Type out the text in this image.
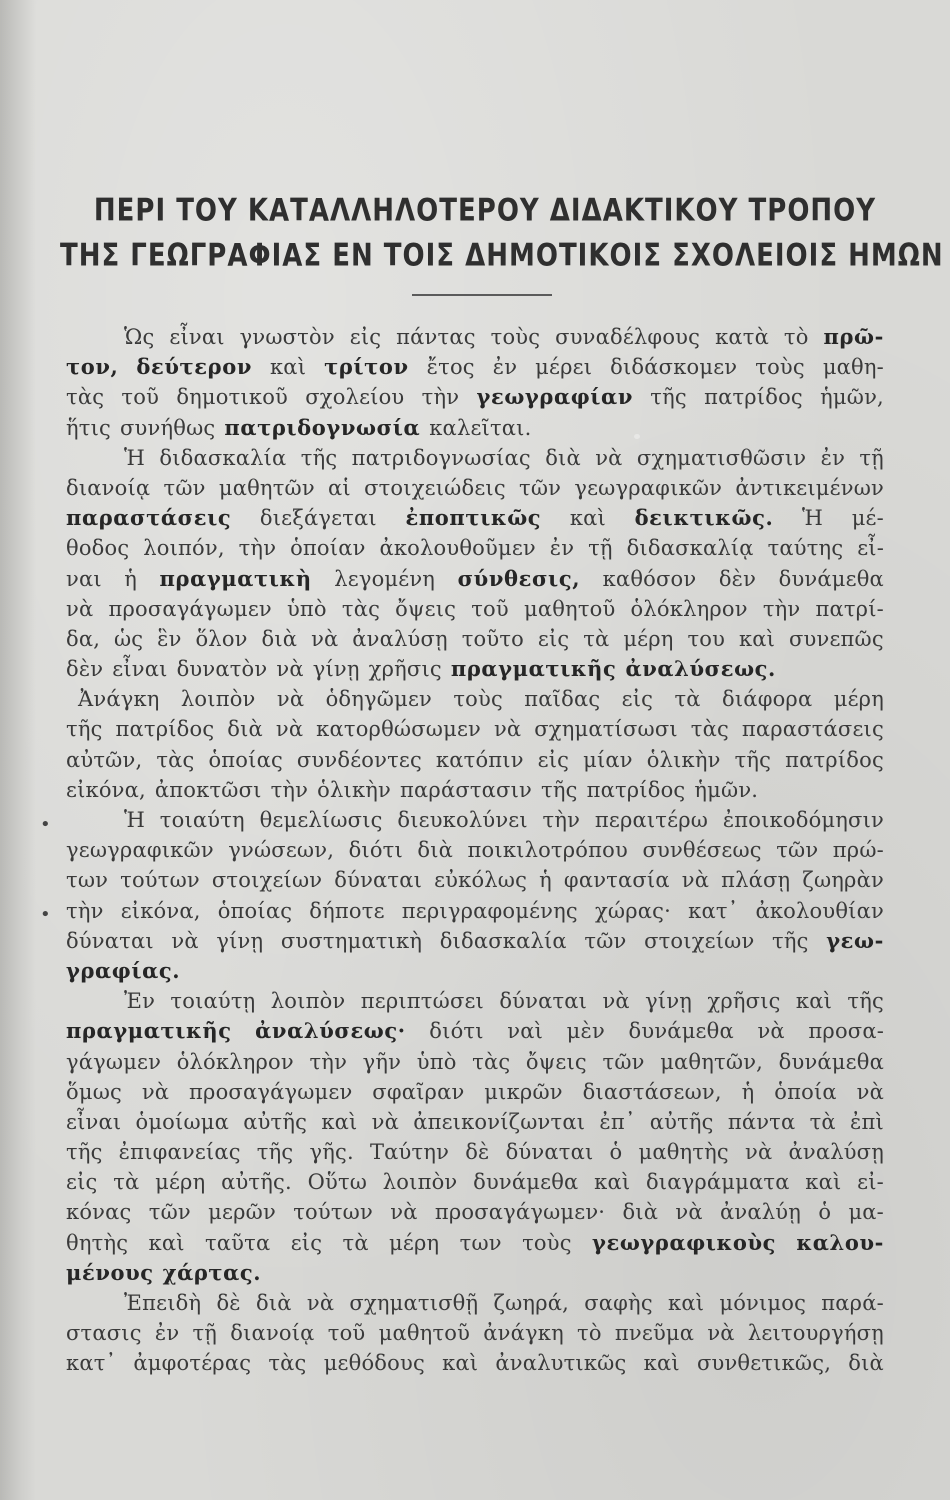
ΠΕΡΙ ΤΟΥ ΚΑΤΑΛΛΗΛΟΤΕΡΟΥ ΔΙΔΑΚΤΙΚΟΥ ΤΡΟΠΟΥ
ΤΗΣ ΓΕΩΓΡΑΦΙΑΣ ΕΝ ΤΟΙΣ ΔΗΜΟΤΙΚΟΙΣ ΣΧΟΛΕΙΟΙΣ ΗΜΩΝ
•
•
Ὡς εἶναι γνωστὸν εἰς πάντας τοὺς συναδέλφους κατὰ τὸ πρῶ-
τον, δεύτερον καὶ τρίτον ἔτος ἐν μέρει διδάσκομεν τοὺς μαθη-
τὰς τοῦ δημοτικοῦ σχολείου τὴν γεωγραφίαν τῆς πατρίδος ἡμῶν,
ἥτις συνήθως πατριδογνωσία καλεῖται.
Ἡ διδασκαλία τῆς πατριδογνωσίας διὰ νὰ σχηματισθῶσιν ἐν τῇ
διανοίᾳ τῶν μαθητῶν αἱ στοιχειώδεις τῶν γεωγραφικῶν ἀντικειμένων
παραστάσεις διεξάγεται ἐποπτικῶς καὶ δεικτικῶς. Ἡ μέ-
θοδος λοιπόν, τὴν ὁποίαν ἀκολουθοῦμεν ἐν τῇ διδασκαλίᾳ ταύτης εἶ-
ναι ἡ πραγματικὴ λεγομένη σύνθεσις, καθόσον δὲν δυνάμεθα
νὰ προσαγάγωμεν ὑπὸ τὰς ὄψεις τοῦ μαθητοῦ ὁλόκληρον τὴν πατρί-
δα, ὡς ἓν ὅλον διὰ νὰ ἀναλύσῃ τοῦτο εἰς τὰ μέρη του καὶ συνεπῶς
δὲν εἶναι δυνατὸν νὰ γίνῃ χρῆσις πραγματικῆς ἀναλύσεως.
Ἀνάγκη λοιπὸν νὰ ὁδηγῶμεν τοὺς παῖδας εἰς τὰ διάφορα μέρη
τῆς πατρίδος διὰ νὰ κατορθώσωμεν νὰ σχηματίσωσι τὰς παραστάσεις
αὐτῶν, τὰς ὁποίας συνδέοντες κατόπιν εἰς μίαν ὁλικὴν τῆς πατρίδος
εἰκόνα, ἀποκτῶσι τὴν ὁλικὴν παράστασιν τῆς πατρίδος ἡμῶν.
Ἡ τοιαύτη θεμελίωσις διευκολύνει τὴν περαιτέρω ἐποικοδόμησιν
γεωγραφικῶν γνώσεων, διότι διὰ ποικιλοτρόπου συνθέσεως τῶν πρώ-
των τούτων στοιχείων δύναται εὐκόλως ἡ φαντασία νὰ πλάσῃ ζωηρὰν
τὴν εἰκόνα, ὁποίας δήποτε περιγραφομένης χώρας· κατ᾽ ἀκολουθίαν
δύναται νὰ γίνῃ συστηματικὴ διδασκαλία τῶν στοιχείων τῆς γεω-
γραφίας.
Ἐν τοιαύτῃ λοιπὸν περιπτώσει δύναται νὰ γίνῃ χρῆσις καὶ τῆς
πραγματικῆς ἀναλύσεως· διότι ναὶ μὲν δυνάμεθα νὰ προσα-
γάγωμεν ὁλόκληρον τὴν γῆν ὑπὸ τὰς ὄψεις τῶν μαθητῶν, δυνάμεθα
ὅμως νὰ προσαγάγωμεν σφαῖραν μικρῶν διαστάσεων, ἡ ὁποία νὰ
εἶναι ὁμοίωμα αὐτῆς καὶ νὰ ἀπεικονίζωνται ἐπ᾽ αὐτῆς πάντα τὰ ἐπὶ
τῆς ἐπιφανείας τῆς γῆς. Ταύτην δὲ δύναται ὁ μαθητὴς νὰ ἀναλύσῃ
εἰς τὰ μέρη αὐτῆς. Οὕτω λοιπὸν δυνάμεθα καὶ διαγράμματα καὶ εἰ-
κόνας τῶν μερῶν τούτων νὰ προσαγάγωμεν· διὰ νὰ ἀναλύῃ ὁ μα-
θητὴς καὶ ταῦτα εἰς τὰ μέρη των τοὺς γεωγραφικοὺς καλου-
μένους χάρτας.
Ἐπειδὴ δὲ διὰ νὰ σχηματισθῇ ζωηρά, σαφὴς καὶ μόνιμος παρά-
στασις ἐν τῇ διανοίᾳ τοῦ μαθητοῦ ἀνάγκη τὸ πνεῦμα νὰ λειτουργήσῃ
κατ᾽ ἀμφοτέρας τὰς μεθόδους καὶ ἀναλυτικῶς καὶ συνθετικῶς, διὰ
